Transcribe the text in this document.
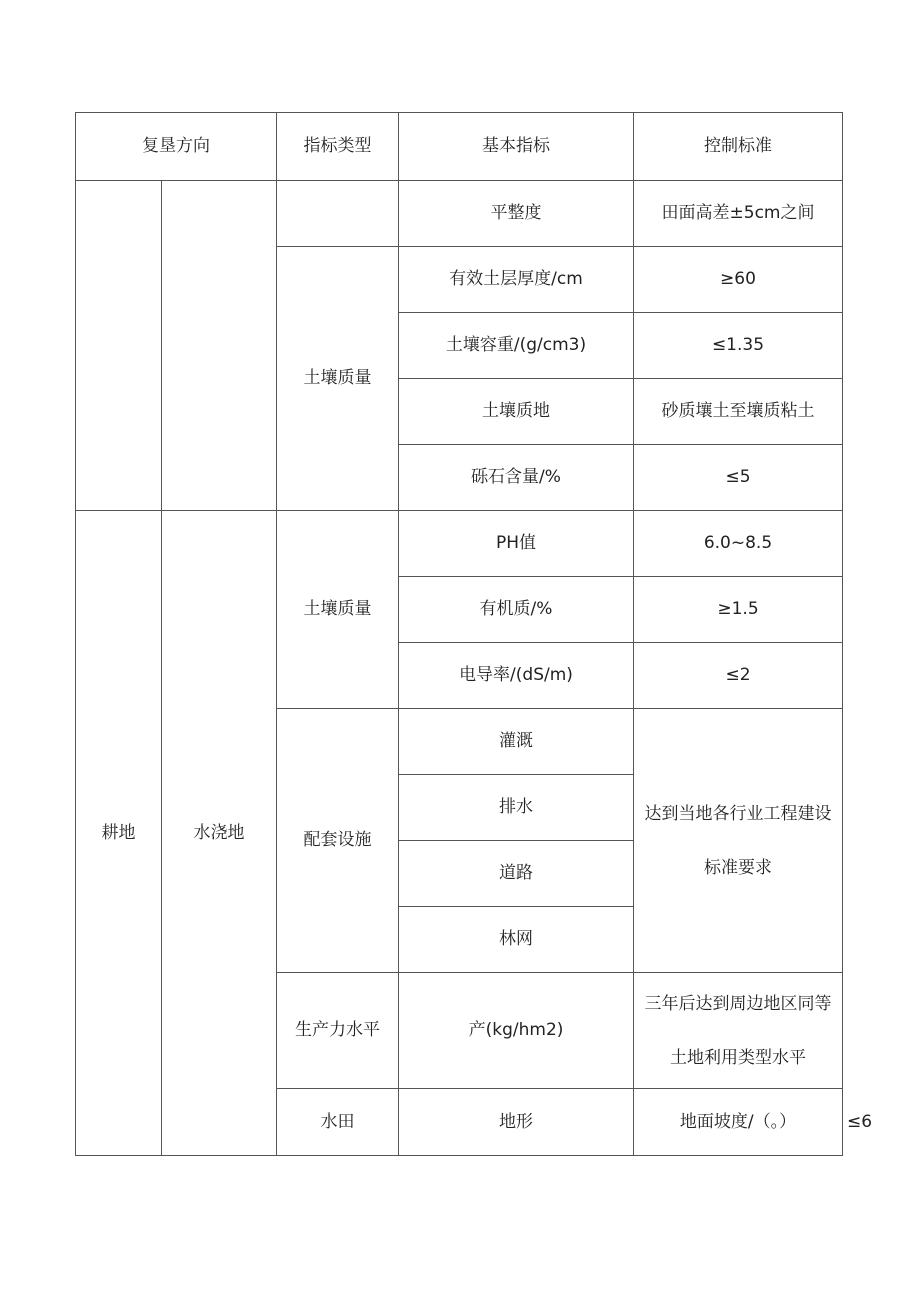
复垦方向		指标类型	基本指标	控制标准	
			平整度	田面高差±5cm之间	
		土壤质量	有效土层厚度/cm	≥60	
			土壤容重/(g/cm3)	≤1.35	
			土壤质地	砂质壤土至壤质粘土	
			砾石含量/%	≤5	
耕地	水浇地	土壤质量	PH值	6.0~8.5	
			有机质/%	≥1.5	
			电导率/(dS/m)	≤2	
		配套设施	灌溉	达到当地各行业工程建设标准要求	
			排水		
			道路		
			林网		
		生产力水平	产(kg/hm2)	三年后达到周边地区同等土地利用类型水平	
		水田	地形	地面坡度/（。）	≤6
